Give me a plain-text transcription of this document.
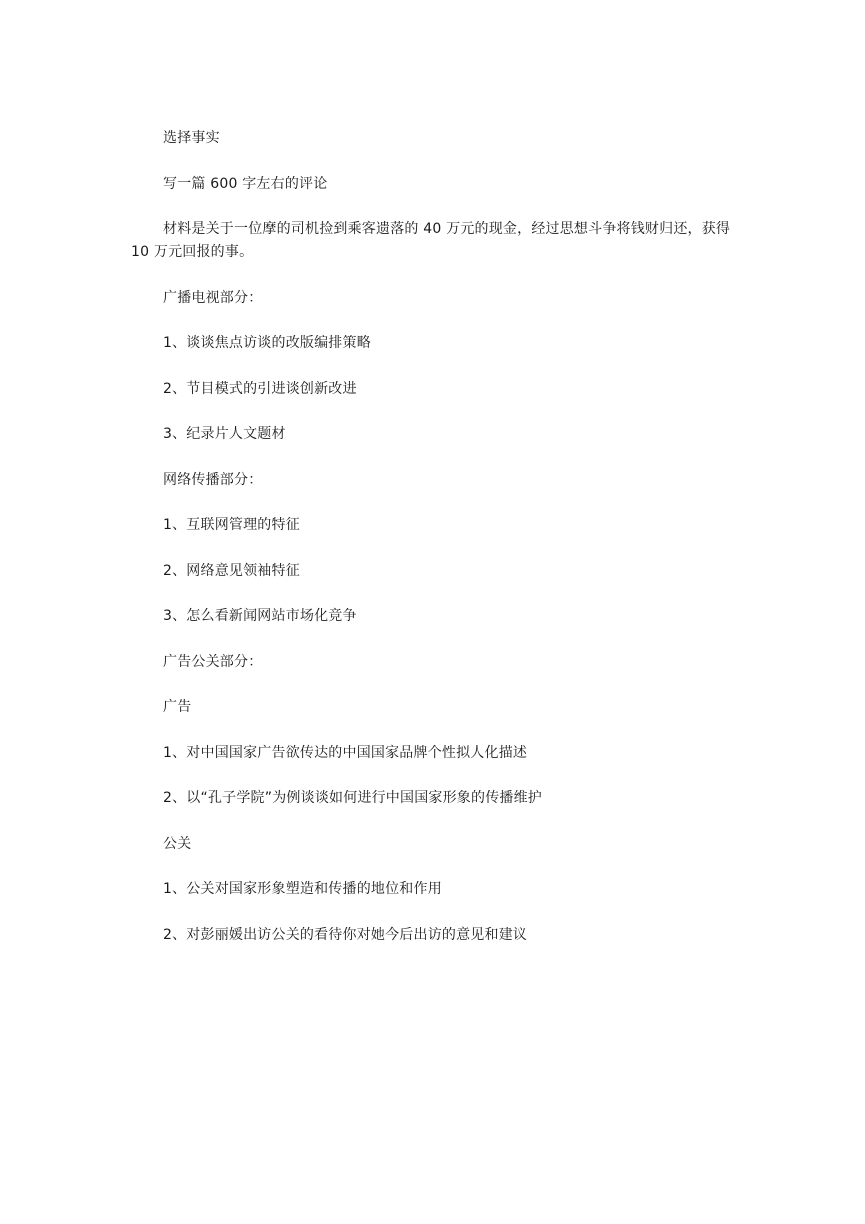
选择事实

写一篇 600 字左右的评论

材料是关于一位摩的司机捡到乘客遗落的 40 万元的现金，经过思想斗争将钱财归还，获得 10 万元回报的事。

广播电视部分：

1、谈谈焦点访谈的改版编排策略

2、节目模式的引进谈创新改进

3、纪录片人文题材

网络传播部分：

1、互联网管理的特征

2、网络意见领袖特征

3、怎么看新闻网站市场化竞争

广告公关部分：

广告

1、对中国国家广告欲传达的中国国家品牌个性拟人化描述

2、以“孔子学院”为例谈谈如何进行中国国家形象的传播维护

公关

1、公关对国家形象塑造和传播的地位和作用

2、对彭丽媛出访公关的看待你对她今后出访的意见和建议
